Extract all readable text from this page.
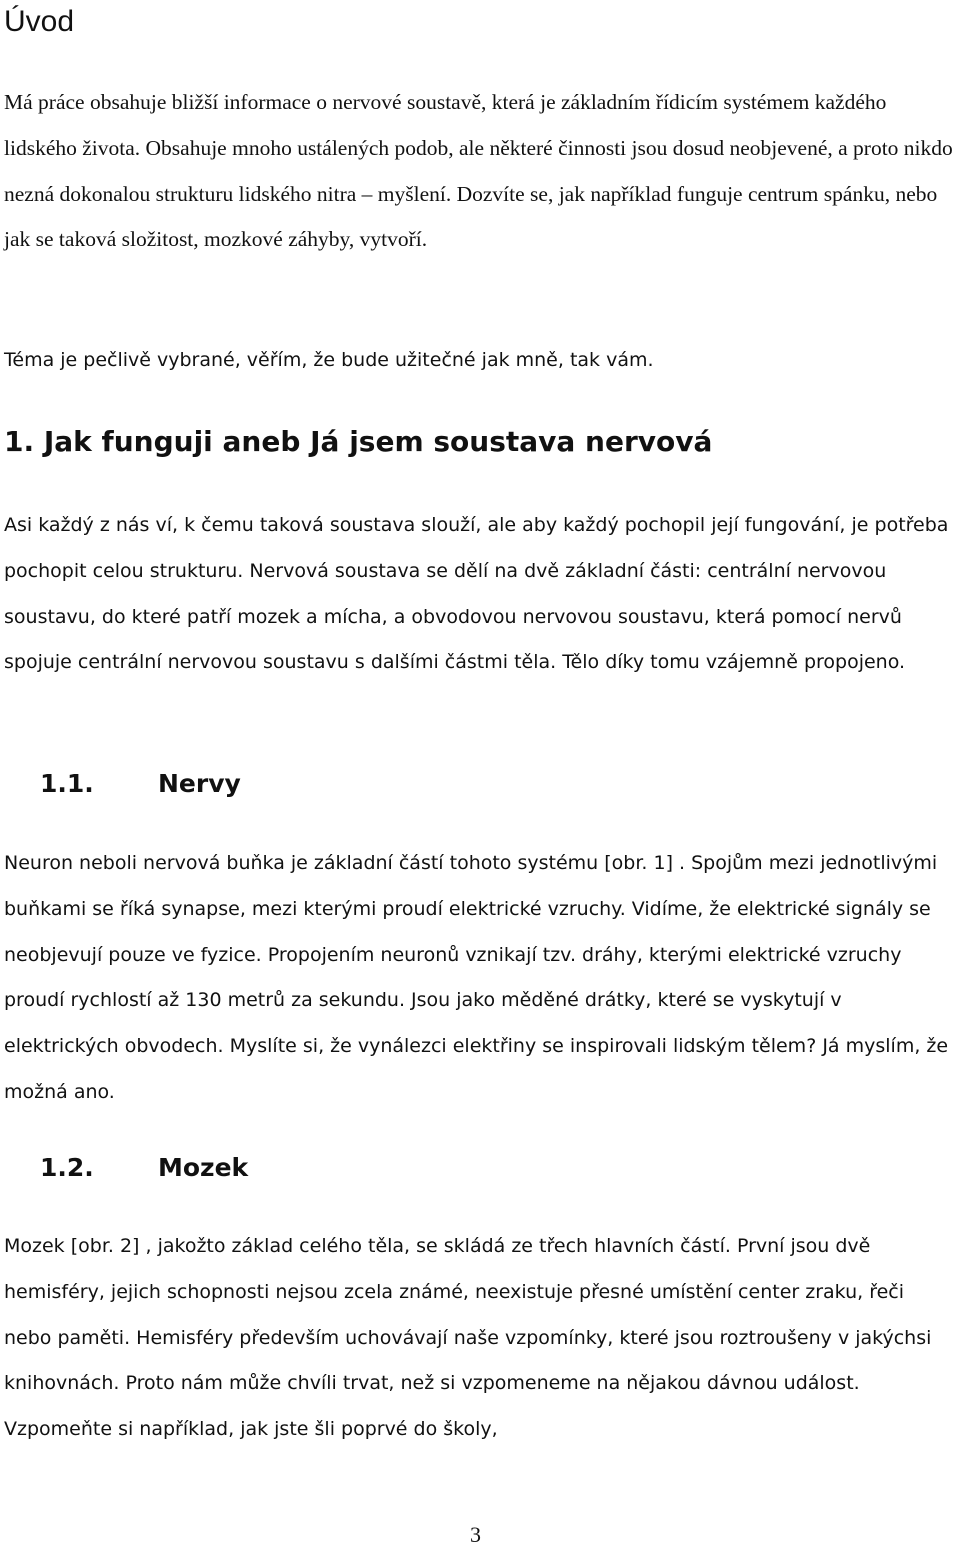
Úvod

Má práce obsahuje bližší informace o nervové soustavě, která je základním řídicím systémem každého lidského života. Obsahuje mnoho ustálených podob, ale některé činnosti jsou dosud neobjevené, a proto nikdo nezná dokonalou strukturu lidského nitra – myšlení. Dozvíte se, jak například funguje centrum spánku, nebo jak se taková složitost, mozkové záhyby, vytvoří.

Téma je pečlivě vybrané, věřím, že bude užitečné jak mně, tak vám.

1. Jak funguji aneb Já jsem soustava nervová

Asi každý z nás ví, k čemu taková soustava slouží, ale aby každý pochopil její fungování, je potřeba pochopit celou strukturu. Nervová soustava se dělí na dvě základní části: centrální nervovou soustavu, do které patří mozek a mícha, a obvodovou nervovou soustavu, která pomocí nervů spojuje centrální nervovou soustavu s dalšími částmi těla. Tělo díky tomu vzájemně propojeno.

1.1.	Nervy

Neuron neboli nervová buňka je základní částí tohoto systému [obr. 1] . Spojům mezi jednotlivými buňkami se říká synapse, mezi kterými proudí elektrické vzruchy. Vidíme, že elektrické signály se neobjevují pouze ve fyzice. Propojením neuronů vznikají tzv. dráhy, kterými elektrické vzruchy proudí rychlostí až 130 metrů za sekundu. Jsou jako měděné drátky, které se vyskytují v elektrických obvodech. Myslíte si, že vynálezci elektřiny se inspirovali lidským tělem? Já myslím, že možná ano.

1.2.	Mozek

Mozek [obr. 2] , jakožto základ celého těla, se skládá ze třech hlavních částí. První jsou dvě hemisféry, jejich schopnosti nejsou zcela známé, neexistuje přesné umístění center zraku, řeči nebo paměti. Hemisféry především uchovávají naše vzpomínky, které jsou roztroušeny v jakýchsi knihovnách. Proto nám může chvíli trvat, než si vzpomeneme na nějakou dávnou událost. Vzpomeňte si například, jak jste šli poprvé do školy,

3
